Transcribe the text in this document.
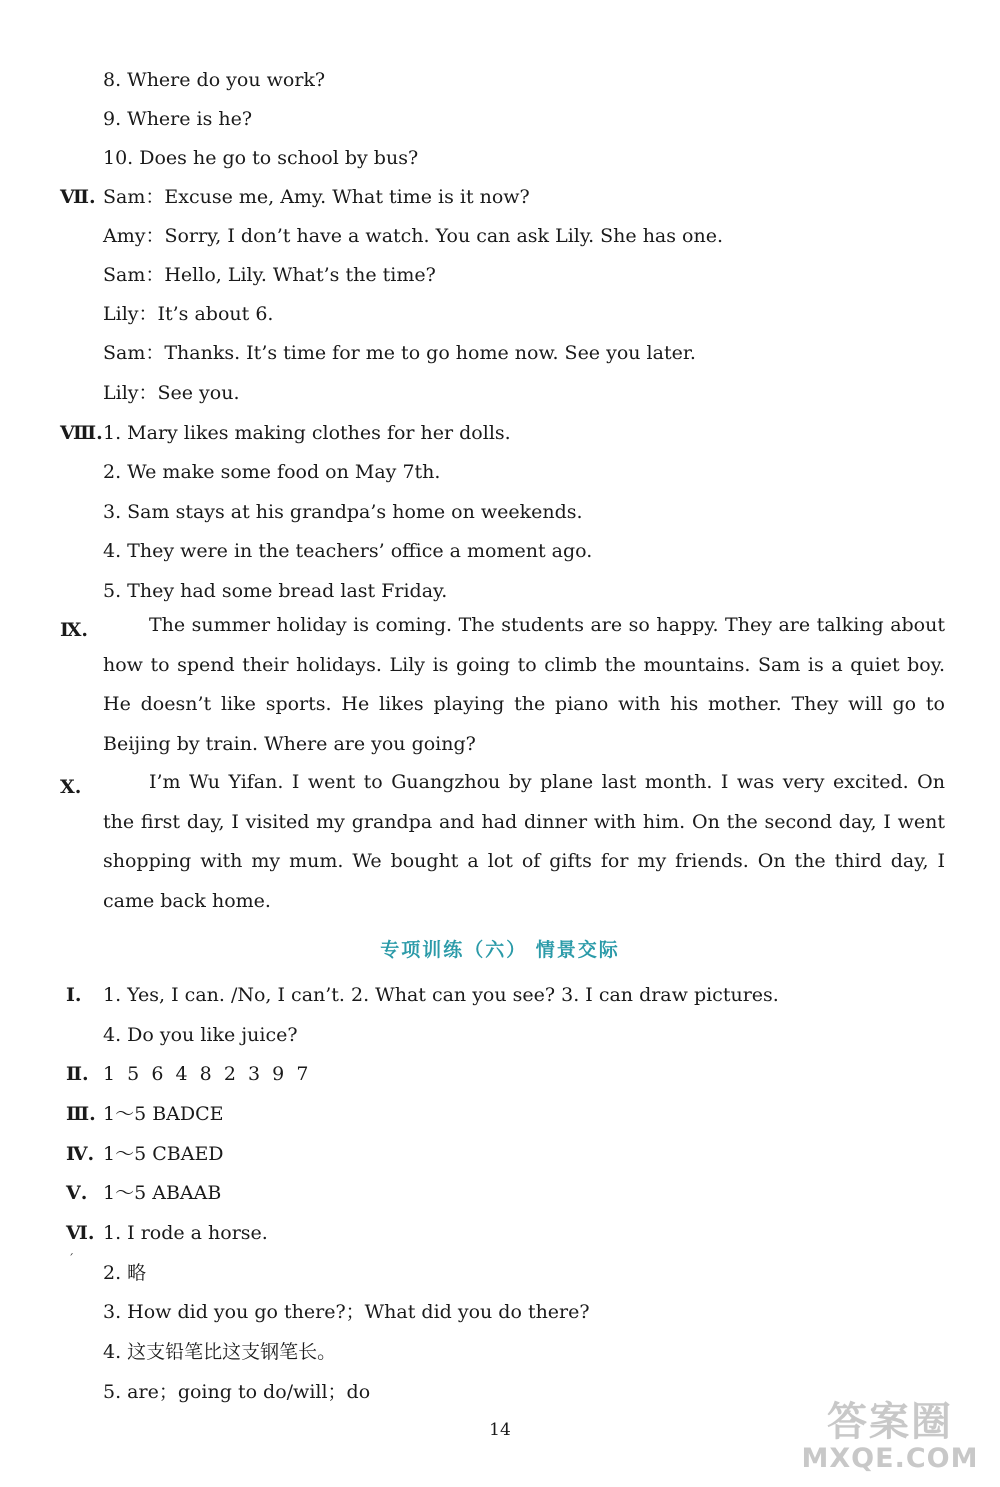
8. Where do you work?
9. Where is he?
10. Does he go to school by bus?
Ⅶ. Sam：Excuse me, Amy. What time is it now?
Amy：Sorry, I don’t have a watch. You can ask Lily. She has one.
Sam：Hello, Lily. What’s the time?
Lily：It’s about 6.
Sam：Thanks. It’s time for me to go home now. See you later.
Lily：See you.
Ⅷ. 1. Mary likes making clothes for her dolls.
2. We make some food on May 7th.
3. Sam stays at his grandpa’s home on weekends.
4. They were in the teachers’ office a moment ago.
5. They had some bread last Friday.
Ⅸ.	The summer holiday is coming. The students are so happy. They are talking about how to spend their holidays. Lily is going to climb the mountains. Sam is a quiet boy. He doesn’t like sports. He likes playing the piano with his mother. They will go to Beijing by train. Where are you going?
Ⅹ.	I’m Wu Yifan. I went to Guangzhou by plane last month. I was very excited. On the first day, I visited my grandpa and had dinner with him. On the second day, I went shopping with my mum. We bought a lot of gifts for my friends. On the third day, I came back home.
专项训练（六） 情景交际
Ⅰ. 1. Yes, I can. /No, I can’t. 2. What can you see? 3. I can draw pictures.
4. Do you like juice?
Ⅱ. 1  5  6  4  8  2  3  9  7
Ⅲ. 1～5 BADCE
Ⅳ. 1～5 CBAED
Ⅴ. 1～5 ABAAB
Ⅵ. 1. I rode a horse.
ˊ
2. 略
3. How did you go there?；What did you do there?
4. 这支铅笔比这支钢笔长。
5. are；going to do/will；do
14	答案圈
MXQE.COM
